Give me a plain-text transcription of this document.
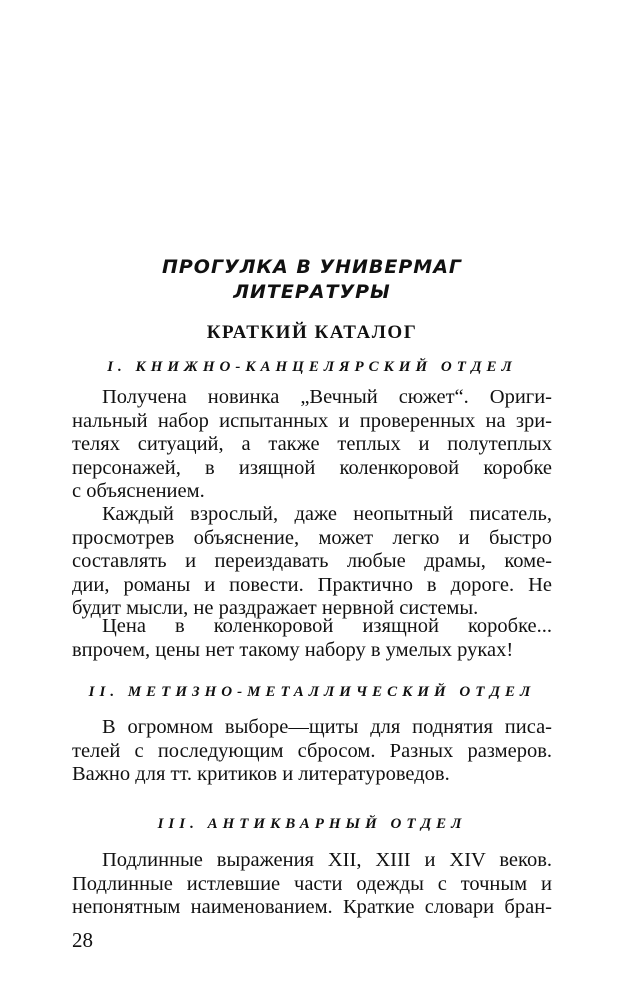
ПРОГУЛКА В УНИВЕРМАГ
ЛИТЕРАТУРЫ
КРАТКИЙ КАТАЛОГ
I. КНИЖНО-КАНЦЕЛЯРСКИЙ ОТДЕЛ
Получена новинка „Вечный сюжет“. Ориги-
нальный набор испытанных и проверенных на зри-
телях ситуаций, а также теплых и полутеплых
персонажей, в изящной коленкоровой коробке
с объяснением.
Каждый взрослый, даже неопытный писатель,
просмотрев объяснение, может легко и быстро
составлять и переиздавать любые драмы, коме-
дии, романы и повести. Практично в дороге. Не
будит мысли, не раздражает нервной системы.
Цена в коленкоровой изящной коробке...
впрочем, цены нет такому набору в умелых руках!
II. МЕТИЗНО-МЕТАЛЛИЧЕСКИЙ ОТДЕЛ
В огромном выборе—щиты для поднятия писа-
телей с последующим сбросом. Разных размеров.
Важно для тт. критиков и литературоведов.
III. АНТИКВАРНЫЙ ОТДЕЛ
Подлинные выражения XII, XIII и XIV веков.
Подлинные истлевшие части одежды с точным и
непонятным наименованием. Краткие словари бран-
28
